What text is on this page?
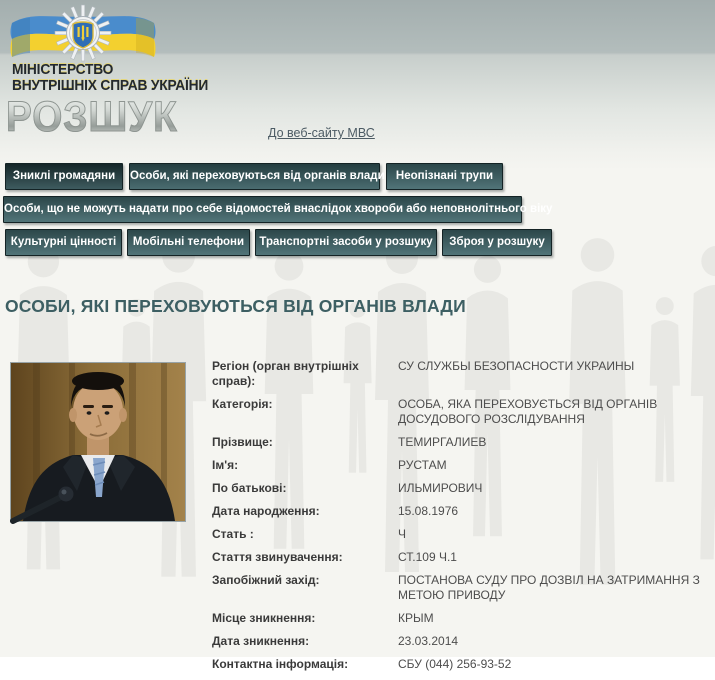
МІНІСТЕРСТВО
ВНУТРІШНІХ СПРАВ УКРАЇНИ
РОЗШУК	До веб-сайту МВС
Зниклі громадяни	Особи, які переховуються від органів влади Неопізнані трупи
Особи, що не можуть надати про себе відомостей внаслідок хвороби або неповнолітнього віку
Культурні цінності	Мобільні телефони	Транспортні засоби у розшуку	Зброя у розшуку
ОСОБИ, ЯКІ ПЕРЕХОВУЮТЬСЯ ВІД ОРГАНІВ ВЛАДИ
Регіон (орган внутрішніх справ):
СУ СЛУЖБЫ БЕЗОПАСНОСТИ УКРАИНЫ
Категорія:	ОСОБА, ЯКА ПЕРЕХОВУЄТЬСЯ ВІД ОРГАНІВ ДОСУДОВОГО РОЗСЛІДУВАННЯ
Прізвище:	ТЕМИРГАЛИЕВ
Ім'я:	РУСТАМ
По батькові:	ИЛЬМИРОВИЧ
Дата народження:	15.08.1976
Стать :	Ч
Стаття звинувачення:	СТ.109 Ч.1
Запобіжний захід:	ПОСТАНОВА СУДУ ПРО ДОЗВІЛ НА ЗАТРИМАННЯ З МЕТОЮ ПРИВОДУ
Місце зникнення:	КРЫМ
Дата зникнення:	23.03.2014
Контактна інформація:	СБУ (044) 256-93-52
